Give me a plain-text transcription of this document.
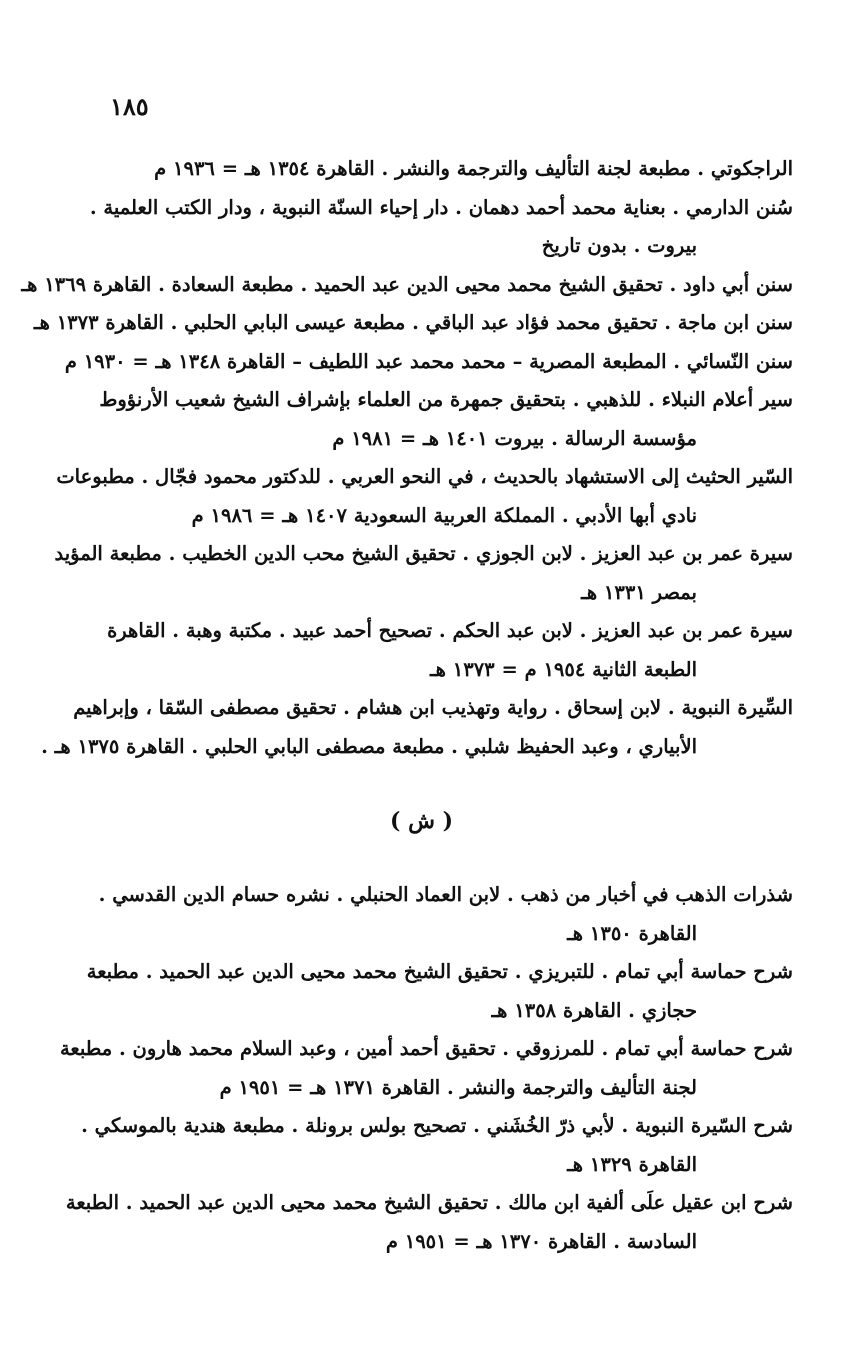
١٨٥

الراجكوتي . مطبعة لجنة التأليف والترجمة والنشر . القاهرة ١٣٥٤ هـ = ١٩٣٦ م

سُنن الدارمي . بعناية محمد أحمد دهمان . دار إحياء السنّة النبوية ، ودار الكتب العلمية .
بيروت . بدون تاريخ

سنن أبي داود . تحقيق الشيخ محمد محيى الدين عبد الحميد . مطبعة السعادة . القاهرة ١٣٦٩ هـ

سنن ابن ماجة . تحقيق محمد فؤاد عبد الباقي . مطبعة عيسى البابي الحلبي . القاهرة ١٣٧٣ هـ

سنن النّسائي . المطبعة المصرية – محمد محمد عبد اللطيف – القاهرة ١٣٤٨ هـ = ١٩٣٠ م

سير أعلام النبلاء . للذهبي . بتحقيق جمهرة من العلماء بإشراف الشيخ شعيب الأرنؤوط
مؤسسة الرسالة . بيروت ١٤٠١ هـ = ١٩٨١ م

السّير الحثيث إلى الاستشهاد بالحديث ، في النحو العربي . للدكتور محمود فجّال . مطبوعات
نادي أبها الأدبي . المملكة العربية السعودية ١٤٠٧ هـ = ١٩٨٦ م

سيرة عمر بن عبد العزيز . لابن الجوزي . تحقيق الشيخ محب الدين الخطيب . مطبعة المؤيد
بمصر ١٣٣١ هـ

سيرة عمر بن عبد العزيز . لابن عبد الحكم . تصحيح أحمد عبيد . مكتبة وهبة . القاهرة
الطبعة الثانية ١٩٥٤ م = ١٣٧٣ هـ

السِّيرة النبوية . لابن إسحاق . رواية وتهذيب ابن هشام . تحقيق مصطفى السّقا ، وإبراهيم
الأبياري ، وعبد الحفيظ شلبي . مطبعة مصطفى البابي الحلبي . القاهرة ١٣٧٥ هـ .

( ش )

شذرات الذهب في أخبار من ذهب . لابن العماد الحنبلي . نشره حسام الدين القدسي .
القاهرة ١٣٥٠ هـ

شرح حماسة أبي تمام . للتبريزي . تحقيق الشيخ محمد محيى الدين عبد الحميد . مطبعة
حجازي . القاهرة ١٣٥٨ هـ

شرح حماسة أبي تمام . للمرزوقي . تحقيق أحمد أمين ، وعبد السلام محمد هارون . مطبعة
لجنة التأليف والترجمة والنشر . القاهرة ١٣٧١ هـ = ١٩٥١ م

شرح السّيرة النبوية . لأبي ذرّ الخُشَني . تصحيح بولس برونلة . مطبعة هندية بالموسكي .
القاهرة ١٣٢٩ هـ

شرح ابن عقيل علَى ألفية ابن مالك . تحقيق الشيخ محمد محيى الدين عبد الحميد . الطبعة
السادسة . القاهرة ١٣٧٠ هـ = ١٩٥١ م
